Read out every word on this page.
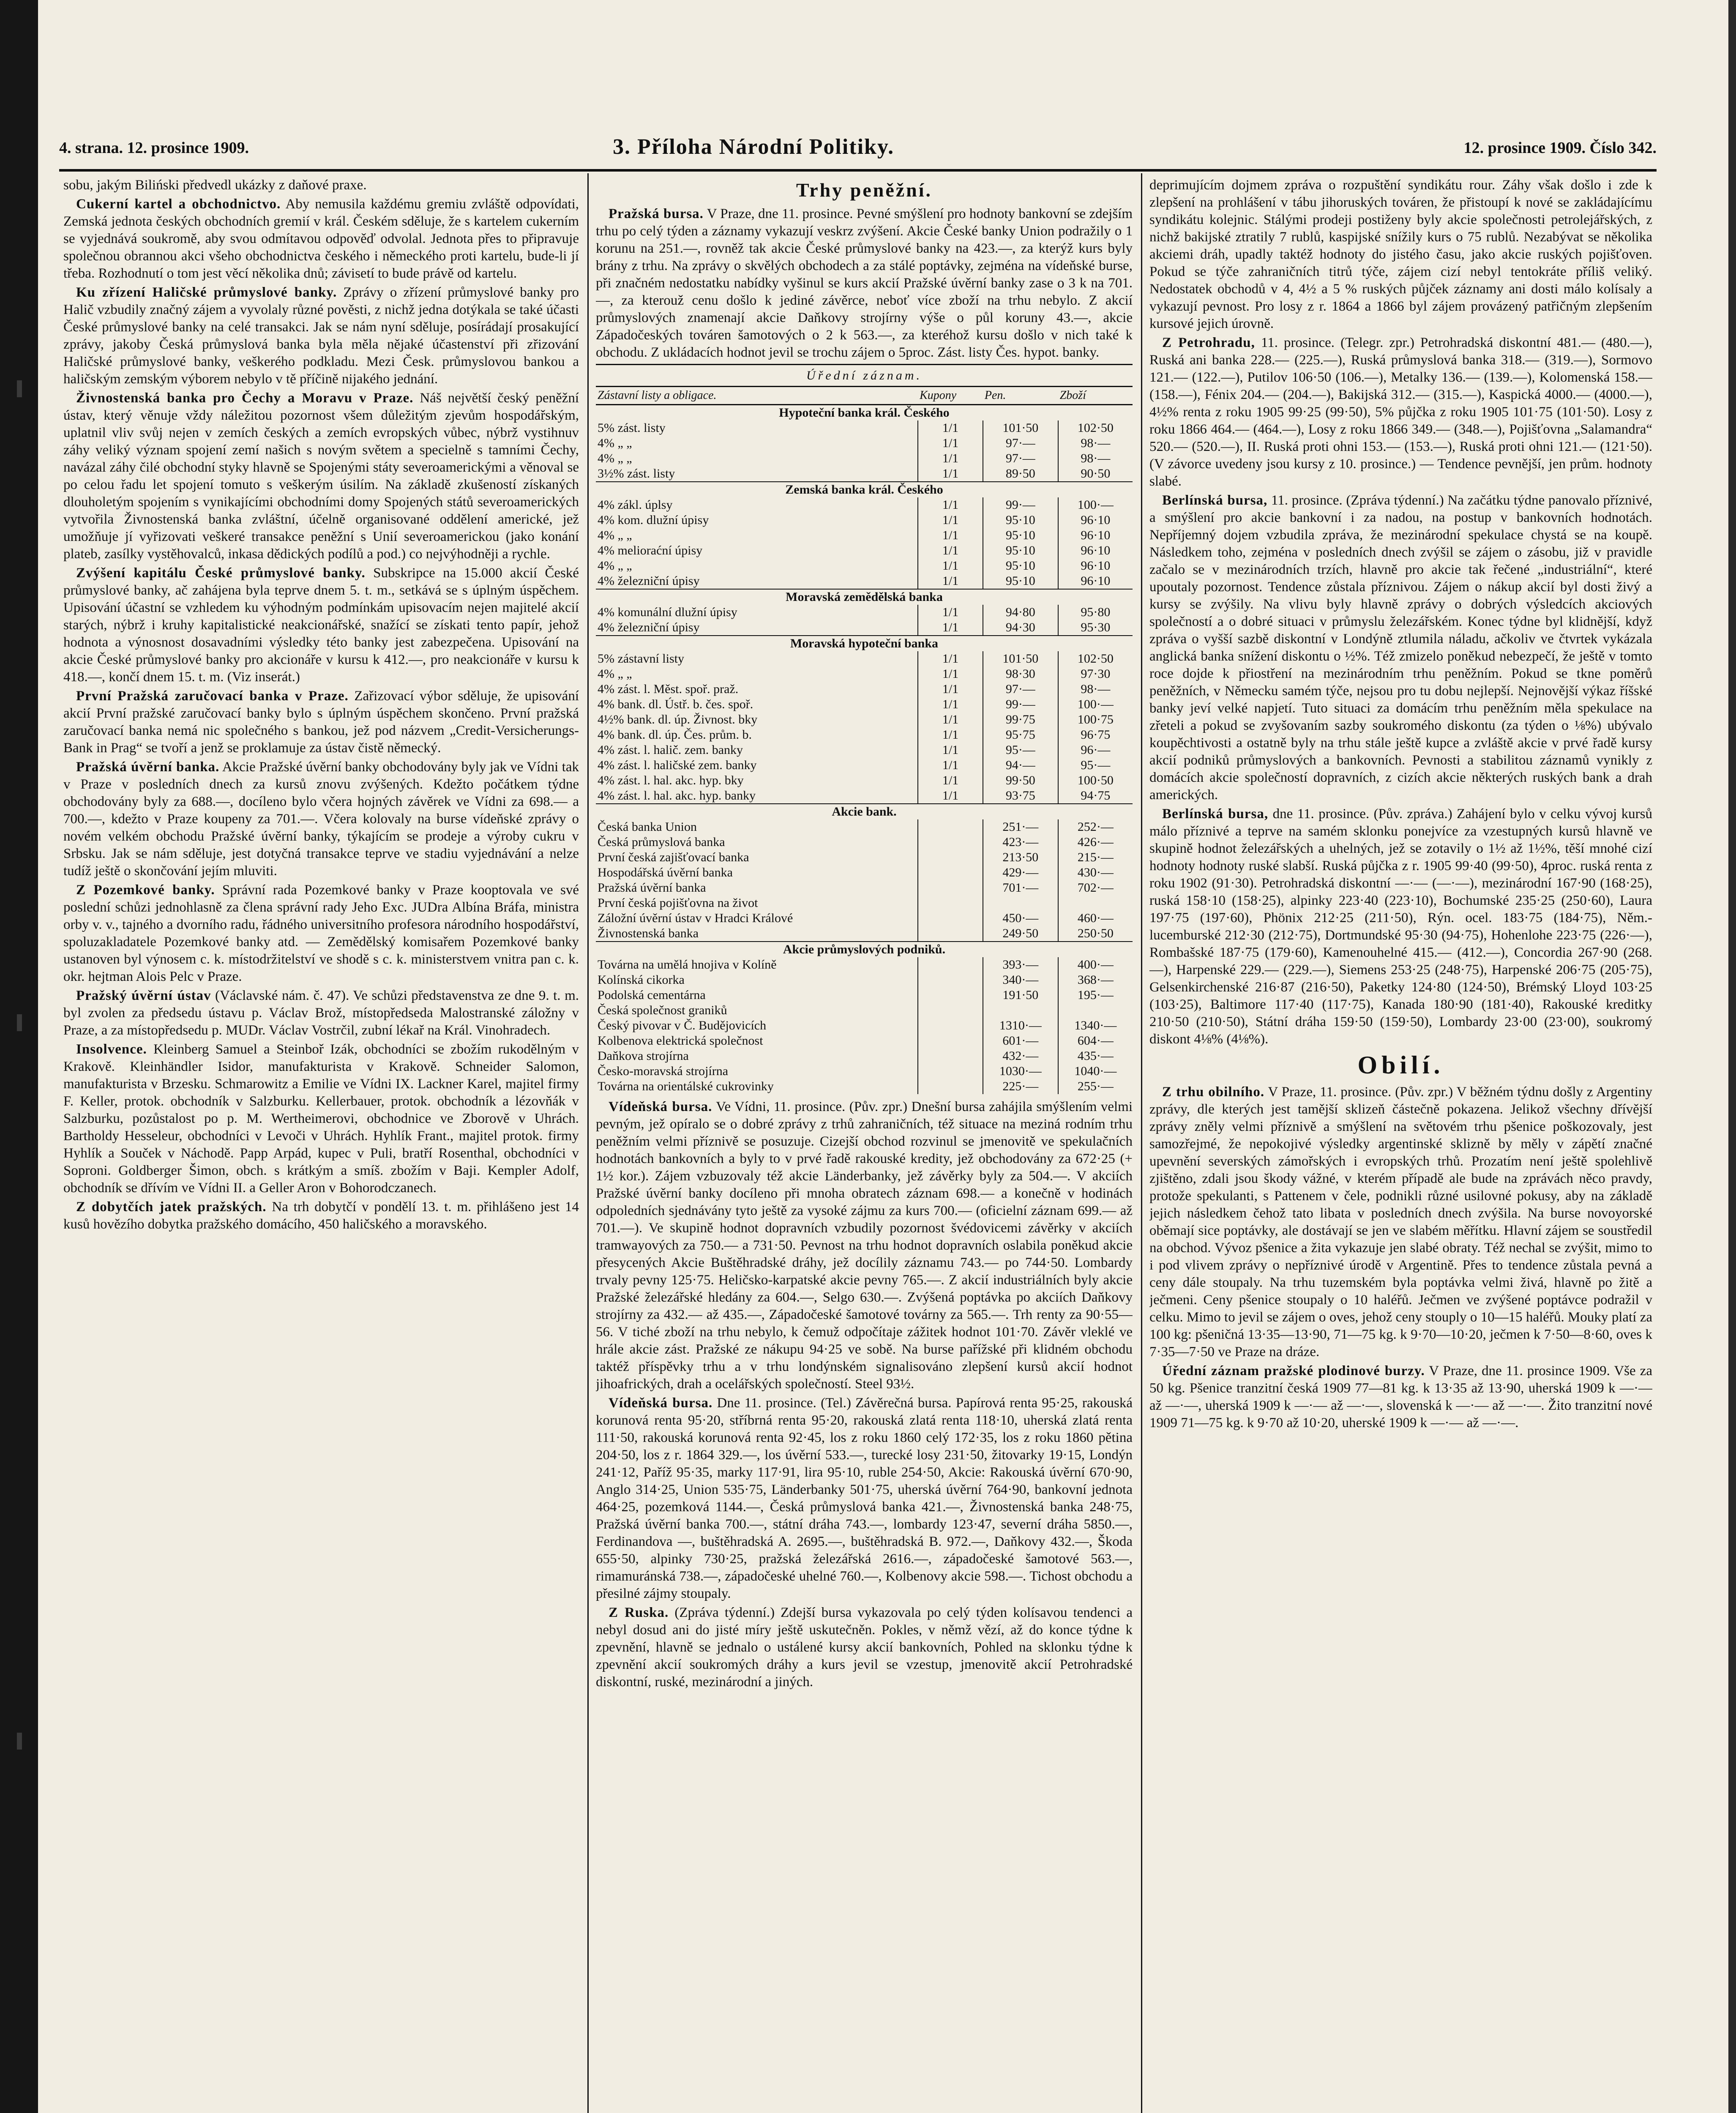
4. strana. 12. prosince 1909.	3. Příloha Národní Politiky.	12. prosince 1909. Číslo 342.

sobu, jakým Biliński předvedl ukázky z daňové praxe.

Cukerní kartel a obchodnictvo. Aby nemusila každému gremiu zvláště odpovídati, Zemská jednota českých obchodních gremií v král. Českém sděluje, že s kartelem cukerním se vyjednává soukromě, aby svou odmítavou odpověď odvolal. Jednota přes to připravuje společnou obrannou akci všeho obchodnictva českého i německého proti kartelu, bude-li jí třeba. Rozhodnutí o tom jest věcí několika dnů; závisetí to bude právě od kartelu.

Ku zřízení Haličské průmyslové banky. Zprávy o zřízení průmyslové banky pro Halič vzbudily značný zájem a vyvolaly různé pověsti, z nichž jedna dotýkala se také účasti České průmyslové banky na celé transakci. Jak se nám nyní sděluje, posírádají prosakující zprávy, jakoby Česká průmyslová banka byla měla nějaké účastenství při zřizování Haličské průmyslové banky, veškerého podkladu. Mezi Česk. průmyslovou bankou a haličským zemským výborem nebylo v tě příčině nijakého jednání.

Živnostenská banka pro Čechy a Moravu v Praze. Náš největší český peněžní ústav, který věnuje vždy náležitou pozornost všem důležitým zjevům hospodářským, uplatnil vliv svůj nejen v zemích českých a zemích evropských vůbec, nýbrž vystihnuv záhy veliký význam spojení zemí našich s novým světem a specielně s tamními Čechy, navázal záhy čilé obchodní styky hlavně se Spojenými státy severoamerickými a věnoval se po celou řadu let spojení tomuto s veškerým úsilím. Na základě zkušeností získaných dlouholetým spojením s vynikajícími obchodními domy Spojených států severoamerických vytvořila Živnostenská banka zvláštní, účelně organisované oddělení americké, jež umožňuje jí vyřizovati veškeré transakce peněžní s Unií severoamerickou (jako konání plateb, zasílky vystěhovalců, inkasa dědických podílů a pod.) co nejvýhodněji a rychle.

Zvýšení kapitálu České průmyslové banky. Subskripce na 15.000 akcií České průmyslové banky, ač zahájena byla teprve dnem 5. t. m., setkává se s úplným úspěchem. Upisování účastní se vzhledem ku výhodným podmínkám upisovacím nejen majitelé akcií starých, nýbrž i kruhy kapitalistické neakcionářské, snažící se získati tento papír, jehož hodnota a výnosnost dosavadními výsledky této banky jest zabezpečena. Upisování na akcie České průmyslové banky pro akcionáře v kursu k 412.—, pro neakcionáře v kursu k 418.—, končí dnem 15. t. m. (Viz inserát.)

První Pražská zaručovací banka v Praze. Zařizovací výbor sděluje, že upisování akcií První pražské zaručovací banky bylo s úplným úspěchem skončeno. První pražská zaručovací banka nemá nic společného s bankou, jež pod názvem „Credit-Versicherungs-Bank in Prag“ se tvoří a jenž se proklamuje za ústav čistě německý.

Pražská úvěrní banka. Akcie Pražské úvěrní banky obchodovány byly jak ve Vídni tak v Praze v posledních dnech za kursů znovu zvýšených. Kdežto počátkem týdne obchodovány byly za 688.—, docíleno bylo včera hojných závěrek ve Vídni za 698.— a 700.—, kdežto v Praze koupeny za 701.—. Včera kolovaly na burse vídeňské zprávy o novém velkém obchodu Pražské úvěrní banky, týkajícím se prodeje a výroby cukru v Srbsku. Jak se nám sděluje, jest dotyčná transakce teprve ve stadiu vyjednávání a nelze tudíž ještě o skončování jejím mluviti.

Z Pozemkové banky. Správní rada Pozemkové banky v Praze kooptovala ve své poslední schůzi jednohlasně za člena správní rady Jeho Exc. JUDra Albína Bráfa, ministra orby v. v., tajného a dvorního radu, řádného universitního profesora národního hospodářství, spoluzakladatele Pozemkové banky atd. — Zemědělský komisařem Pozemkové banky ustanoven byl výnosem c. k. místodržitelství ve shodě s c. k. ministerstvem vnitra pan c. k. okr. hejtman Alois Pelc v Praze.

Pražský úvěrní ústav (Václavské nám. č. 47). Ve schůzi představenstva ze dne 9. t. m. byl zvolen za předsedu ústavu p. Václav Brož, místopředseda Malostranské záložny v Praze, a za místopředsedu p. MUDr. Václav Vostrčil, zubní lékař na Král. Vinohradech.

Insolvence. Kleinberg Samuel a Steinboř Izák, obchodníci se zbožím rukodělným v Krakově. Kleinhändler Isidor, manufakturista v Krakově. Schneider Salomon, manufakturista v Brzesku. Schmarowitz a Emilie ve Vídni IX. Lackner Karel, majitel firmy F. Keller, protok. obchodník v Salzburku. Kellerbauer, protok. obchodník a lézovňák v Salzburku, pozůstalost po p. M. Wertheimerovi, obchodnice ve Zborově v Uhrách. Bartholdy Hesseleur, obchodníci v Levoči v Uhrách. Hyhlík Frant., majitel protok. firmy Hyhlík a Souček v Náchodě. Papp Arpád, kupec v Puli, bratří Rosenthal, obchodníci v Soproni. Goldberger Šimon, obch. s krátkým a smíš. zbožím v Baji. Kempler Adolf, obchodník se dřívím ve Vídni II. a Geller Aron v Bohorodczanech.

Z dobytčích jatek pražských. Na trh dobytčí v pondělí 13. t. m. přihlášeno jest 14 kusů hovězího dobytka pražského domácího, 450 haličského a moravského.

Trhy peněžní.

Pražská bursa. V Praze, dne 11. prosince. Pevné smýšlení pro hodnoty bankovní se zdejším trhu po celý týden a záznamy vykazují veskrz zvýšení. Akcie České banky Union podražily o 1 korunu na 251.—, rovněž tak akcie České průmyslové banky na 423.—, za kterýž kurs byly brány z trhu. Na zprávy o skvělých obchodech a za stálé poptávky, zejména na vídeňské burse, při značném nedostatku nabídky vyšinul se kurs akcií Pražské úvěrní banky zase o 3 k na 701.—, za kterouž cenu došlo k jediné závěrce, neboť více zboží na trhu nebylo. Z akcií průmyslových znamenají akcie Daňkovy strojírny výše o půl koruny 43.—, akcie Západočeských továren šamotových o 2 k 563.—, za kteréhož kursu došlo v nich také k obchodu. Z ukládacích hodnot jevil se trochu zájem o 5proc. Zást. listy Čes. hypot. banky.

Úřední záznam.
Zástavní listy a obligace.	Kupony	Pen.	Zboží
Hypoteční banka král. Českého			
5% zást. listy	1/1	101·50	102·50
4% „ „	1/1	97·—	98·—
4% „ „	1/1	97·—	98·—
3½% zást. listy	1/1	89·50	90·50
Zemská banka král. Českého			
4% zákl. úplsy	1/1	99·—	100·—
4% kom. dlužní úpisy	1/1	95·10	96·10
4% „ „	1/1	95·10	96·10
4% melioraćní úpisy	1/1	95·10	96·10
4% „ „	1/1	95·10	96·10
4% železniční úpisy	1/1	95·10	96·10
Moravská zemědělská banka			
4% komunální dlužní úpisy	1/1	94·80	95·80
4% železniční úpisy	1/1	94·30	95·30
Moravská hypoteční banka			
5% zástavní listy	1/1	101·50	102·50
4% „ „	1/1	98·30	97·30
4% zást. l. Měst. spoř. praž.	1/1	97·—	98·—
4% bank. dl. Ústř. b. čes. spoř.	1/1	99·—	100·—
4½% bank. dl. úp. Živnost. bky	1/1	99·75	100·75
4% bank. dl. úp. Čes. prům. b.	1/1	95·75	96·75
4% zást. l. halič. zem. banky	1/1	95·—	96·—
4% zást. l. haličské zem. banky	1/1	94·—	95·—
4% zást. l. hal. akc. hyp. bky	1/1	99·50	100·50
4% zást. l. hal. akc. hyp. banky	1/1	93·75	94·75
Akcie bank.			
Česká banka Union		251·—	252·—
Česká průmyslová banka		423·—	426·—
První česká zajišťovací banka		213·50	215·—
Hospodářská úvěrní banka		429·—	430·—
Pražská úvěrní banka		701·—	702·—
První česká pojišťovna na život			
Záložní úvěrní ústav v Hradci Králové		450·—	460·—
Živnostenská banka		249·50	250·50
Akcie průmyslových podniků.			
Továrna na umělá hnojiva v Kolíně		393·—	400·—
Kolínská cikorka		340·—	368·—
Podolská cementárna		191·50	195·—
Česká společnost graniků			
Český pivovar v Č. Budějovicích		1310·—	1340·—
Kolbenova elektrická společnost		601·—	604·—
Daňkova strojírna		432·—	435·—
Česko-moravská strojírna		1030·—	1040·—
Továrna na orientálské cukrovinky		225·—	255·—

Vídeňská bursa. Ve Vídni, 11. prosince. (Pův. zpr.) Dnešní bursa zahájila smýšlením velmi pevným, jež opíralo se o dobré zprávy z trhů zahraničních, též situace na meziná rodním trhu peněžním velmi příznivě se posuzuje. Cizejší obchod rozvinul se jmenovitě ve spekulačních hodnotách bankovních a byly to v prvé řadě rakouské kredity, jež obchodovány za 672·25 (+ 1½ kor.). Zájem vzbuzovaly též akcie Länderbanky, jež závěrky byly za 504.—. V akciích Pražské úvěrní banky docíleno při mnoha obratech záznam 698.— a konečně v hodinách odpoledních sjednávány tyto ještě za vysoké zájmu za kurs 700.— (oficielní záznam 699.— až 701.—). Ve skupině hodnot dopravních vzbudily pozornost švédovicemi závěrky v akciích tramwayových za 750.— a 731·50. Pevnost na trhu hodnot dopravních oslabila poněkud akcie přesycených Akcie Buštěhradské dráhy, jež docílily záznamu 743.— po 744·50. Lombardy trvaly pevny 125·75. Heličsko-karpatské akcie pevny 765.—. Z akcií industriálních byly akcie Pražské železářské hledány za 604.—, Selgo 630.—. Zvýšená poptávka po akciích Daňkovy strojírny za 432.— až 435.—, Západočeské šamotové továrny za 565.—. Trh renty za 90·55—56. V tiché zboží na trhu nebylo, k čemuž odpočítaje zážitek hodnot 101·70. Závěr vleklé ve hrále akcie zást. Pražské ze nákupu 94·25 ve sobě. Na burse pařížské při klidném obchodu taktéž příspěvky trhu a v trhu londýnském signalisováno zlepšení kursů akcií hodnot jihoafrických, drah a ocelářských společností. Steel 93½.

Vídeňská bursa. Dne 11. prosince. (Tel.) Závěrečná bursa. Papírová renta 95·25, rakouská korunová renta 95·20, stříbrná renta 95·20, rakouská zlatá renta 118·10, uherská zlatá renta 111·50, rakouská korunová renta 92·45, los z roku 1860 celý 172·35, los z roku 1860 pětina 204·50, los z r. 1864 329.—, los úvěrní 533.—, turecké losy 231·50, žitovarky 19·15, Londýn 241·12, Paříž 95·35, marky 117·91, lira 95·10, ruble 254·50, Akcie: Rakouská úvěrní 670·90, Anglo 314·25, Union 535·75, Länderbanky 501·75, uherská úvěrní 764·90, bankovní jednota 464·25, pozemková 1144.—, Česká průmyslová banka 421.—, Živnostenská banka 248·75, Pražská úvěrní banka 700.—, státní dráha 743.—, lombardy 123·47, severní dráha 5850.—, Ferdinandova —, buštěhradská A. 2695.—, buštěhradská B. 972.—, Daňkovy 432.—, Škoda 655·50, alpinky 730·25, pražská železářská 2616.—, západočeské šamotové 563.—, rimamuránská 738.—, západočeské uhelné 760.—, Kolbenovy akcie 598.—. Tichost obchodu a přesilné zájmy stoupaly.

Z Ruska. (Zpráva týdenní.) Zdejší bursa vykazovala po celý týden kolísavou tendenci a nebyl dosud ani do jisté míry ještě uskutečněn. Pokles, v němž vězí, až do konce týdne k zpevnění, hlavně se jednalo o ustálené kursy akcií bankovních, Pohled na sklonku týdne k zpevnění akcií soukromých dráhy a kurs jevil se vzestup, jmenovitě akcií Petrohradské diskontní, ruské, mezinárodní a jiných.

deprimujícím dojmem zpráva o rozpuštění syndikátu rour. Záhy však došlo i zde k zlepšení na prohlášení v tábu jihoruských továren, že přistoupí k nové se zakládajícímu syndikátu kolejnic. Stálými prodeji postiženy byly akcie společnosti petrolejářských, z nichž bakijské ztratily 7 rublů, kaspijské snížily kurs o 75 rublů. Nezabývat se několika akciemi dráh, upadly taktéž hodnoty do jistého času, jako akcie ruských pojišťoven. Pokud se týče zahraničních titrů týče, zájem cizí nebyl tentokráte příliš veliký. Nedostatek obchodů v 4, 4½ a 5 % ruských půjček záznamy ani dosti málo kolísaly a vykazují pevnost. Pro losy z r. 1864 a 1866 byl zájem provázený patřičným zlepšením kursové jejich úrovně.

Z Petrohradu, 11. prosince. (Telegr. zpr.) Petrohradská diskontní 481.— (480.—), Ruská ani banka 228.— (225.—), Ruská průmyslová banka 318.— (319.—), Sormovo 121.— (122.—), Putilov 106·50 (106.—), Metalky 136.— (139.—), Kolomenská 158.— (158.—), Fénix 204.— (204.—), Bakijská 312.— (315.—), Kaspická 4000.— (4000.—), 4½% renta z roku 1905 99·25 (99·50), 5% půjčka z roku 1905 101·75 (101·50). Losy z roku 1866 464.— (464.—), Losy z roku 1866 349.— (348.—), Pojišťovna „Salamandra“ 520.— (520.—), II. Ruská proti ohni 153.— (153.—), Ruská proti ohni 121.— (121·50). (V závorce uvedeny jsou kursy z 10. prosince.) — Tendence pevnější, jen prům. hodnoty slabé.

Berlínská bursa, 11. prosince. (Zpráva týdenní.) Na začátku týdne panovalo příznivé, a smýšlení pro akcie bankovní i za nadou, na postup v bankovních hodnotách. Nepříjemný dojem vzbudila zpráva, že mezinárodní spekulace chystá se na koupě. Následkem toho, zejména v posledních dnech zvýšil se zájem o zásobu, již v pravidle začalo se v mezinárodních trzích, hlavně pro akcie tak řečené „industriální“, které upoutaly pozornost. Tendence zůstala příznivou. Zájem o nákup akcií byl dosti živý a kursy se zvýšily. Na vlivu byly hlavně zprávy o dobrých výsledcích akciových společností a o dobré situaci v průmyslu železářském. Konec týdne byl klidnější, když zpráva o vyšší sazbě diskontní v Londýně ztlumila náladu, ačkoliv ve čtvrtek vykázala anglická banka snížení diskontu o ½%. Též zmizelo poněkud nebezpečí, že ještě v tomto roce dojde k přiostření na mezinárodním trhu peněžním. Pokud se tkne poměrů peněžních, v Německu samém týče, nejsou pro tu dobu nejlepší. Nejnovější výkaz říšské banky jeví velké napjetí. Tuto situaci za domácím trhu peněžním měla spekulace na zřeteli a pokud se zvyšovaním sazby soukromého diskontu (za týden o ⅛%) ubývalo koupěchtivosti a ostatně byly na trhu stále ještě kupce a zvláště akcie v prvé řadě kursy akcií podniků průmyslových a bankovních. Pevnosti a stabilitou záznamů vynikly z domácích akcie společností dopravních, z cizích akcie některých ruských bank a drah amerických.

Berlínská bursa, dne 11. prosince. (Pův. zpráva.) Zahájení bylo v celku vývoj kursů málo příznivé a teprve na samém sklonku ponejvíce za vzestupných kursů hlavně ve skupině hodnot železářských a uhelných, jež se zotavily o 1½ až 1½%, těší mnohé cizí hodnoty hodnoty ruské slabší. Ruská půjčka z r. 1905 99·40 (99·50), 4proc. ruská renta z roku 1902 (91·30). Petrohradská diskontní —·— (—·—), mezinárodní 167·90 (168·25), ruská 158·10 (158·25), alpinky 223·40 (223·10), Bochumské 235·25 (250·60), Laura 197·75 (197·60), Phönix 212·25 (211·50), Rýn. ocel. 183·75 (184·75), Něm.-lucemburské 212·30 (212·75), Dortmundské 95·30 (94·75), Hohenlohe 223·75 (226·—), Rombašské 187·75 (179·60), Kamenouhelné 415.— (412.—), Concordia 267·90 (268.—), Harpenské 229.— (229.—), Siemens 253·25 (248·75), Harpenské 206·75 (205·75), Gelsenkirchenské 216·87 (216·50), Paketky 124·80 (124·50), Brémský Lloyd 103·25 (103·25), Baltimore 117·40 (117·75), Kanada 180·90 (181·40), Rakouské kreditky 210·50 (210·50), Státní dráha 159·50 (159·50), Lombardy 23·00 (23·00), soukromý diskont 4⅛% (4⅛%).

Obilí.

Z trhu obilního. V Praze, 11. prosince. (Pův. zpr.) V běžném týdnu došly z Argentiny zprávy, dle kterých jest tamější sklizeň částečně pokazena. Jelikož všechny dřívější zprávy zněly velmi příznivě a smýšlení na světovém trhu pšenice poškozovaly, jest samozřejmé, že nepokojivé výsledky argentinské sklizně by měly v zápětí značné upevnění severských zámořských i evropských trhů. Prozatím není ještě spolehlivě zjištěno, zdali jsou škody vážné, v kterém případě ale bude na zprávách něco pravdy, protože spekulanti, s Pattenem v čele, podnikli různé usilovné pokusy, aby na základě jejich následkem čehož tato libata v posledních dnech zvýšila. Na burse novoyorské oběmají sice poptávky, ale dostávají se jen ve slabém měřítku. Hlavní zájem se soustředil na obchod. Vývoz pšenice a žita vykazuje jen slabé obraty. Též nechal se zvýšit, mimo to i pod vlivem zprávy o nepříznivé úrodě v Argentině. Přes to tendence zůstala pevná a ceny dále stoupaly. Na trhu tuzemském byla poptávka velmi živá, hlavně po žitě a ječmeni. Ceny pšenice stoupaly o 10 haléřů. Ječmen ve zvýšené poptávce podražil v celku. Mimo to jevil se zájem o oves, jehož ceny stouply o 10—15 haléřů. Mouky platí za 100 kg: pšeničná 13·35—13·90, 71—75 kg. k 9·70—10·20, ječmen k 7·50—8·60, oves k 7·35—7·50 ve Praze na dráze.

Úřední záznam pražské plodinové burzy. V Praze, dne 11. prosince 1909. Vše za 50 kg. Pšenice tranzitní česká 1909 77—81 kg. k 13·35 až 13·90, uherská 1909 k —·— až —·—, uherská 1909 k —·— až —·—, slovenská k —·— až —·—. Žito tranzitní nové 1909 71—75 kg. k 9·70 až 10·20, uherské 1909 k —·— až —·—.
